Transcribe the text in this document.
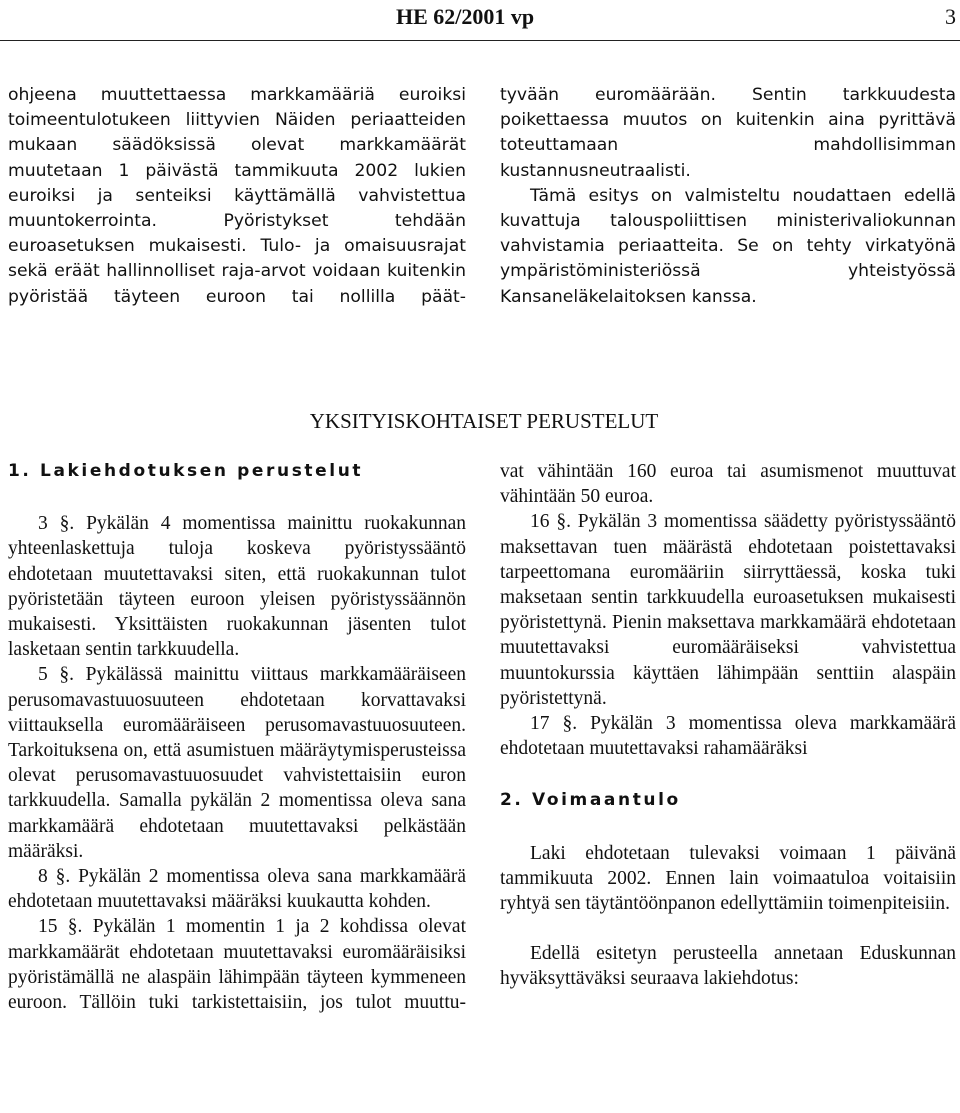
HE 62/2001 vp	3

ohjeena muuttettaessa markkamääriä euroiksi toimeentulotukeen liittyvien Näiden periaatteiden mukaan säädöksissä olevat markkamäärät muutetaan 1 päivästä tammikuuta 2002 lukien euroiksi ja senteiksi käyttämällä vahvistettua muuntokerrointa. Pyöristykset tehdään euroasetuksen mukaisesti. Tulo- ja omaisuusrajat sekä eräät hallinnolliset raja-arvot voidaan kuitenkin pyöristää täyteen euroon tai nollilla päät-

tyvään euromäärään. Sentin tarkkuudesta poikettaessa muutos on kuitenkin aina pyrittävä toteuttamaan mahdollisimman kustannusneutraalisti.

Tämä esitys on valmisteltu noudattaen edellä kuvattuja talouspoliittisen ministerivaliokunnan vahvistamia periaatteita. Se on tehty virkatyönä ympäristöministeriössä yhteistyössä Kansaneläkelaitoksen kanssa.

YKSITYISKOHTAISET PERUSTELUT

1. Lakiehdotuksen perustelut

3 §. Pykälän 4 momentissa mainittu ruokakunnan yhteenlaskettuja tuloja koskeva pyöristyssääntö ehdotetaan muutettavaksi siten, että ruokakunnan tulot pyöristetään täyteen euroon yleisen pyöristyssäännön mukaisesti. Yksittäisten ruokakunnan jäsenten tulot lasketaan sentin tarkkuudella.

5 §. Pykälässä mainittu viittaus markkamääräiseen perusomavastuuosuuteen ehdotetaan korvattavaksi viittauksella euromääräiseen perusomavastuuosuuteen. Tarkoituksena on, että asumistuen määräytymisperusteissa olevat perusomavastuuosuudet vahvistettaisiin euron tarkkuudella. Samalla pykälän 2 momentissa oleva sana markkamäärä ehdotetaan muutettavaksi pelkästään määräksi.

8 §. Pykälän 2 momentissa oleva sana markkamäärä ehdotetaan muutettavaksi määräksi kuukautta kohden.

15 §. Pykälän 1 momentin 1 ja 2 kohdissa olevat markkamäärät ehdotetaan muutettavaksi euromääräisiksi pyöristämällä ne alaspäin lähimpään täyteen kymmeneen euroon. Tällöin tuki tarkistettaisiin, jos tulot muuttu-

vat vähintään 160 euroa tai asumismenot muuttuvat vähintään 50 euroa.

16 §. Pykälän 3 momentissa säädetty pyöristyssääntö maksettavan tuen määrästä ehdotetaan poistettavaksi tarpeettomana euromääriin siirryttäessä, koska tuki maksetaan sentin tarkkuudella euroasetuksen mukaisesti pyöristettynä. Pienin maksettava markkamäärä ehdotetaan muutettavaksi euromääräiseksi vahvistettua muuntokurssia käyttäen lähimpään senttiin alaspäin pyöristettynä.

17 §. Pykälän 3 momentissa oleva markkamäärä ehdotetaan muutettavaksi rahamääräksi

2. Voimaantulo

Laki ehdotetaan tulevaksi voimaan 1 päivänä tammikuuta 2002. Ennen lain voimaatuloa voitaisiin ryhtyä sen täytäntöönpanon edellyttämiin toimenpiteisiin.

Edellä esitetyn perusteella annetaan Eduskunnan hyväksyttäväksi seuraava lakiehdotus:
